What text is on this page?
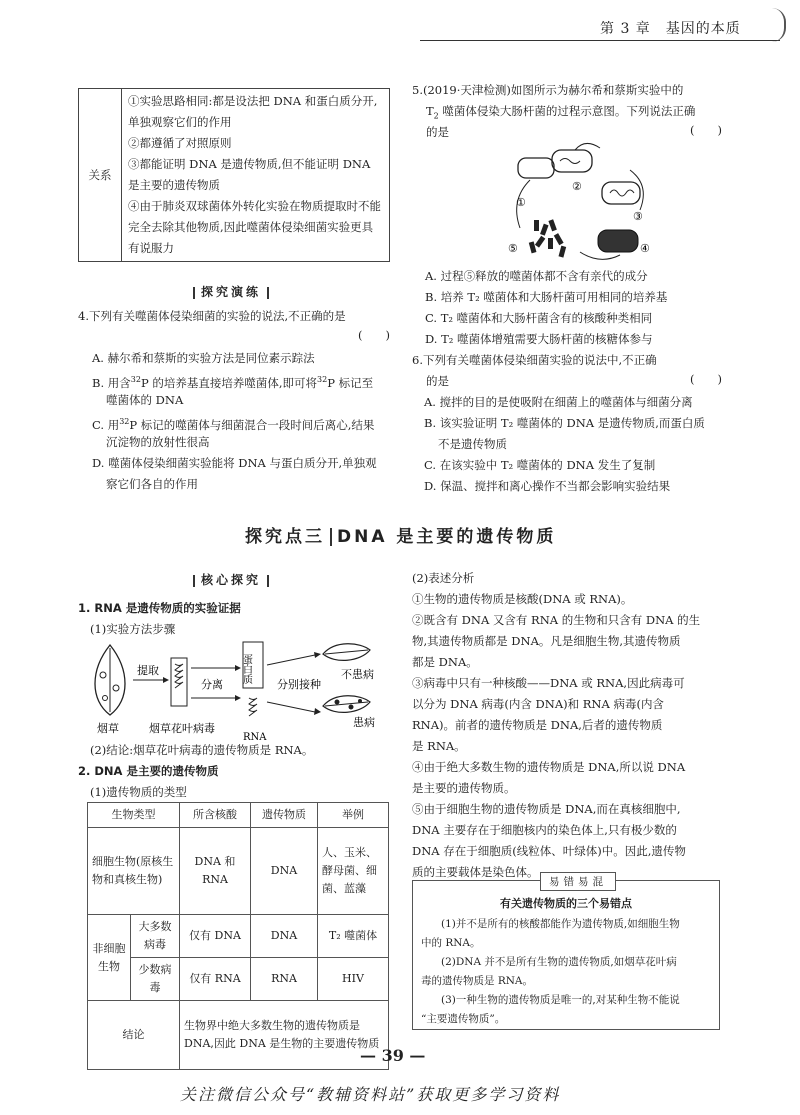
第 3 章　基因的本质
关系	
①实验思路相同:都是设法把 DNA 和蛋白质分开,单独观察它们的作用
②都遵循了对照原则
③都能证明 DNA 是遗传物质,但不能证明 DNA 是主要的遗传物质
④由于肺炎双球菌体外转化实验在物质提取时不能完全去除其他物质,因此噬菌体侵染细菌实验更具有说服力
探究演练
4.下列有关噬菌体侵染细菌的实验的说法,不正确的是
(　　)
A. 赫尔希和蔡斯的实验方法是同位素示踪法
B. 用含$^{32}$P 的培养基直接培养噬菌体,即可将$^{32}$P 标记至
噬菌体的 DNA
C. 用$^{32}$P 标记的噬菌体与细菌混合一段时间后离心,结果
沉淀物的放射性很高
D. 噬菌体侵染细菌实验能将 DNA 与蛋白质分开,单独观
察它们各自的作用
5.(2019·天津检测)如图所示为赫尔希和蔡斯实验中的
$T_2$ 噬菌体侵染大肠杆菌的过程示意图。下列说法正确
的是	(　　)
①
②
③
④
⑤
A. 过程⑤释放的噬菌体都不含有亲代的成分
B. 培养 T₂ 噬菌体和大肠杆菌可用相同的培养基
C. T₂ 噬菌体和大肠杆菌含有的核酸种类相同
D. T₂ 噬菌体增殖需要大肠杆菌的核糖体参与
6.下列有关噬菌体侵染细菌实验的说法中,不正确
的是	(　　)
A. 搅拌的目的是使吸附在细菌上的噬菌体与细菌分离
B. 该实验证明 T₂ 噬菌体的 DNA 是遗传物质,而蛋白质
不是遗传物质
C. 在该实验中 T₂ 噬菌体的 DNA 发生了复制
D. 保温、搅拌和离心操作不当都会影响实验结果
探究点三 DNA 是主要的遗传物质
核心探究
1. RNA 是遗传物质的实验证据
(1)实验方法步骤
烟草
提取
烟草花叶病毒
分离
蛋白质
RNA
分别接种
不患病
患病
(2)结论:烟草花叶病毒的遗传物质是 RNA。
2. DNA 是主要的遗传物质
(1)遗传物质的类型
生物类型		所含核酸	遗传物质	举例
细胞生物(原核生物和真核生物)		DNA 和 RNA	DNA	人、玉米、酵母菌、细菌、蓝藻
非细胞生物	大多数病毒	仅有 DNA	DNA	T₂ 噬菌体
	少数病毒	仅有 RNA	RNA	HIV
结论		生物界中绝大多数生物的遗传物质是 DNA,因此 DNA 是生物的主要遗传物质		
(2)表述分析
①生物的遗传物质是核酸(DNA 或 RNA)。
②既含有 DNA 又含有 RNA 的生物和只含有 DNA 的生
物,其遗传物质都是 DNA。凡是细胞生物,其遗传物质
都是 DNA。
③病毒中只有一种核酸——DNA 或 RNA,因此病毒可
以分为 DNA 病毒(内含 DNA)和 RNA 病毒(内含
RNA)。前者的遗传物质是 DNA,后者的遗传物质
是 RNA。
④由于绝大多数生物的遗传物质是 DNA,所以说 DNA
是主要的遗传物质。
⑤由于细胞生物的遗传物质是 DNA,而在真核细胞中,
DNA 主要存在于细胞核内的染色体上,只有极少数的
DNA 存在于细胞质(线粒体、叶绿体)中。因此,遗传物
质的主要载体是染色体。
有关遗传物质的三个易错点
(1)并不是所有的核酸都能作为遗传物质,如细胞生物
中的 RNA。
(2)DNA 并不是所有生物的遗传物质,如烟草花叶病
毒的遗传物质是 RNA。
(3)一种生物的遗传物质是唯一的,对某种生物不能说
“主要遗传物质”。
易错易混
— 39 —
关注微信公众号“教辅资料站”获取更多学习资料
